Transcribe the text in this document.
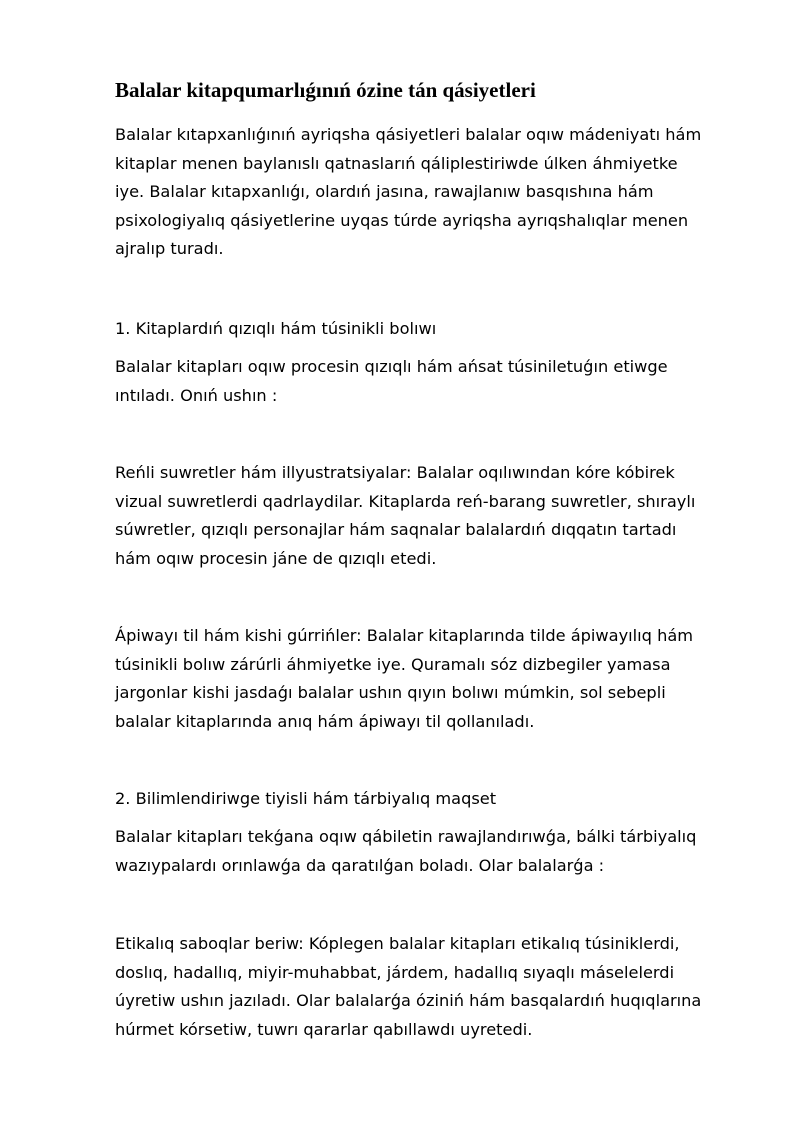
Balalar kitapqumarlıǵınıń ózine tán qásiyetleri

Balalar kıtapxanlıǵınıń ayriqsha qásiyetleri balalar oqıw mádeniyatı hám
kitaplar menen baylanıslı qatnaslarıń qáliplestiriwde úlken áhmiyetke
iye. Balalar kıtapxanlıǵı, olardıń jasına, rawajlanıw basqıshına hám
psixologiyalıq qásiyetlerine uyqas túrde ayriqsha ayrıqshalıqlar menen
ajralıp turadı.

1. Kitaplardıń qızıqlı hám túsinikli bolıwı

Balalar kitapları oqıw procesin qızıqlı hám ańsat túsiniletuǵın etiwge
ıntıladı. Onıń ushın :

Reńli suwretler hám illyustratsiyalar: Balalar oqılıwından kóre kóbirek
vizual suwretlerdi qadrlaydilar. Kitaplarda reń-barang suwretler, shıraylı
súwretler, qızıqlı personajlar hám saqnalar balalardıń dıqqatın tartadı
hám oqıw procesin jáne de qızıqlı etedi.

Ápiwayı til hám kishi gúrrińler: Balalar kitaplarında tilde ápiwayılıq hám
túsinikli bolıw zárúrli áhmiyetke iye. Quramalı sóz dizbegiler yamasa
jargonlar kishi jasdaǵı balalar ushın qıyın bolıwı múmkin, sol sebepli
balalar kitaplarında anıq hám ápiwayı til qollanıladı.

2. Bilimlendiriwge tiyisli hám tárbiyalıq maqset

Balalar kitapları tekǵana oqıw qábiletin rawajlandırıwǵa, bálki tárbiyalıq
wazıypalardı orınlawǵa da qaratılǵan boladı. Olar balalarǵa :

Etikalıq saboqlar beriw: Kóplegen balalar kitapları etikalıq túsiniklerdi,
doslıq, hadallıq, miyir-muhabbat, járdem, hadallıq sıyaqlı máselelerdi
úyretiw ushın jazıladı. Olar balalarǵa óziniń hám basqalardıń huqıqlarına
húrmet kórsetiw, tuwrı qararlar qabıllawdı uyretedi.
